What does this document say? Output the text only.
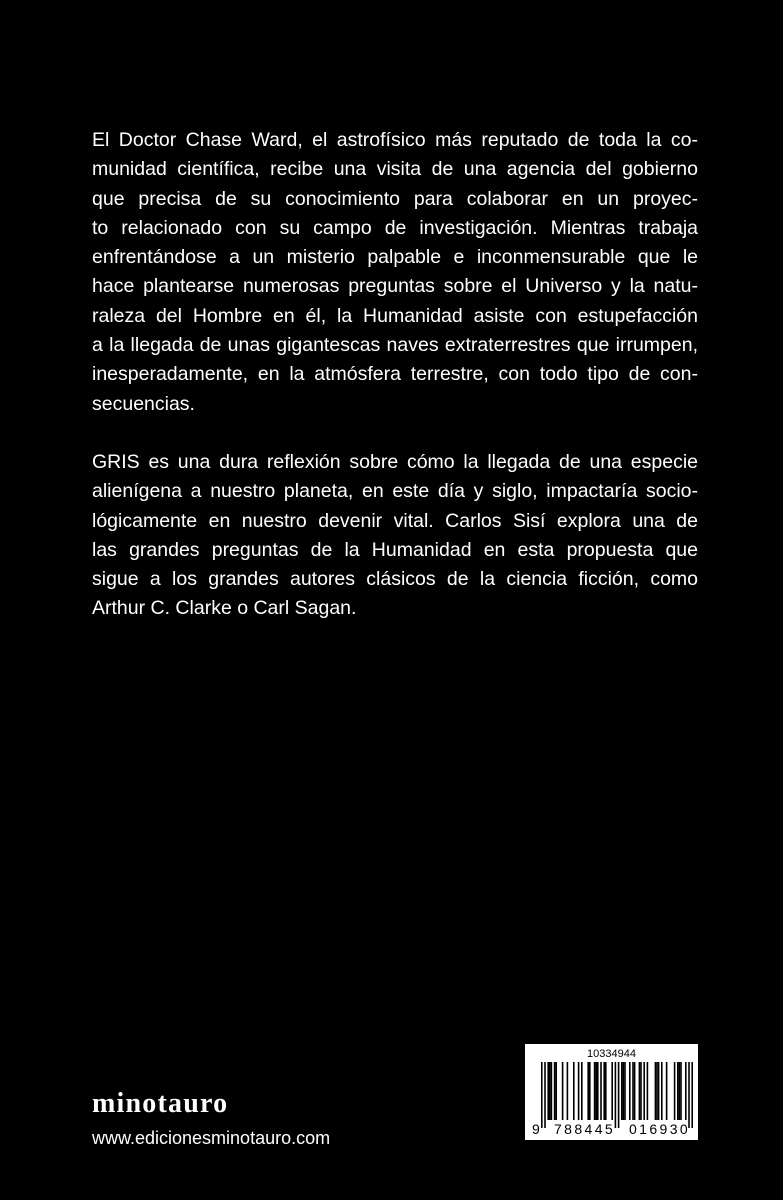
El Doctor Chase Ward, el astrofísico más reputado de toda la co-
munidad científica, recibe una visita de una agencia del gobierno
que precisa de su conocimiento para colaborar en un proyec-
to relacionado con su campo de investigación. Mientras trabaja
enfrentándose a un misterio palpable e inconmensurable que le
hace plantearse numerosas preguntas sobre el Universo y la natu-
raleza del Hombre en él, la Humanidad asiste con estupefacción
a la llegada de unas gigantescas naves extraterrestres que irrumpen,
inesperadamente, en la atmósfera terrestre, con todo tipo de con-
secuencias.
GRIS es una dura reflexión sobre cómo la llegada de una especie
alienígena a nuestro planeta, en este día y siglo, impactaría socio-
lógicamente en nuestro devenir vital. Carlos Sisí explora una de
las grandes preguntas de la Humanidad en esta propuesta que
sigue a los grandes autores clásicos de la ciencia ficción, como
Arthur C. Clarke o Carl Sagan.
minotauro
www.edicionesminotauro.com
10334944
9 788445 016930
